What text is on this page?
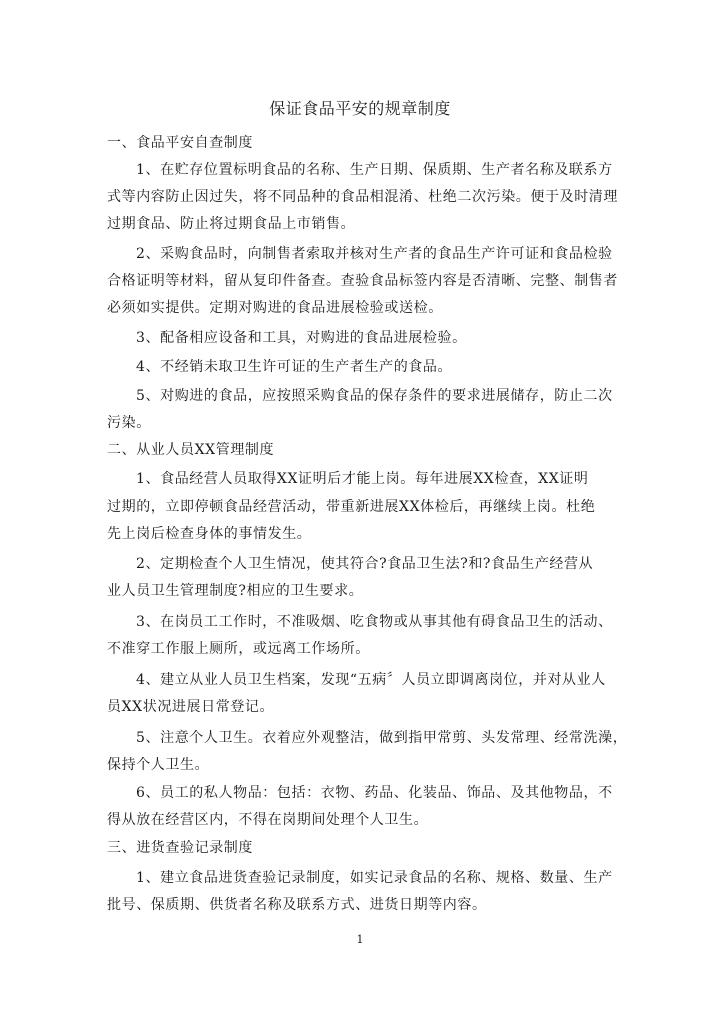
保证食品平安的规章制度
一、食品平安自查制度
1、在贮存位置标明食品的名称、生产日期、保质期、生产者名称及联系方
式等内容防止因过失，将不同品种的食品相混淆、杜绝二次污染。便于及时清理
过期食品、防止将过期食品上市销售。
2、采购食品时，向制售者索取并核对生产者的食品生产许可证和食品检验
合格证明等材料，留从复印件备查。查验食品标签内容是否清晰、完整、制售者
必须如实提供。定期对购进的食品进展检验或送检。
3、配备相应设备和工具，对购进的食品进展检验。
4、不经销未取卫生许可证的生产者生产的食品。
5、对购进的食品，应按照采购食品的保存条件的要求进展储存，防止二次
污染。
二、从业人员XX管理制度
1、食品经营人员取得XX证明后才能上岗。每年进展XX检查，XX证明
过期的，立即停顿食品经营活动，带重新进展XX体检后，再继续上岗。杜绝
先上岗后检查身体的事情发生。
2、定期检查个人卫生情况，使其符合?食品卫生法?和?食品生产经营从
业人员卫生管理制度?相应的卫生要求。
3、在岗员工工作时，不准吸烟、吃食物或从事其他有碍食品卫生的活动、
不准穿工作服上厕所，或远离工作场所。
4、建立从业人员卫生档案，发现“五病〞人员立即调离岗位，并对从业人
员XX状况进展日常登记。
5、注意个人卫生。衣着应外观整洁，做到指甲常剪、头发常理、经常洗澡，
保持个人卫生。
6、员工的私人物品：包括：衣物、药品、化装品、饰品、及其他物品，不
得从放在经营区内，不得在岗期间处理个人卫生。
三、进货查验记录制度
1、建立食品进货查验记录制度，如实记录食品的名称、规格、数量、生产
批号、保质期、供货者名称及联系方式、进货日期等内容。
1
